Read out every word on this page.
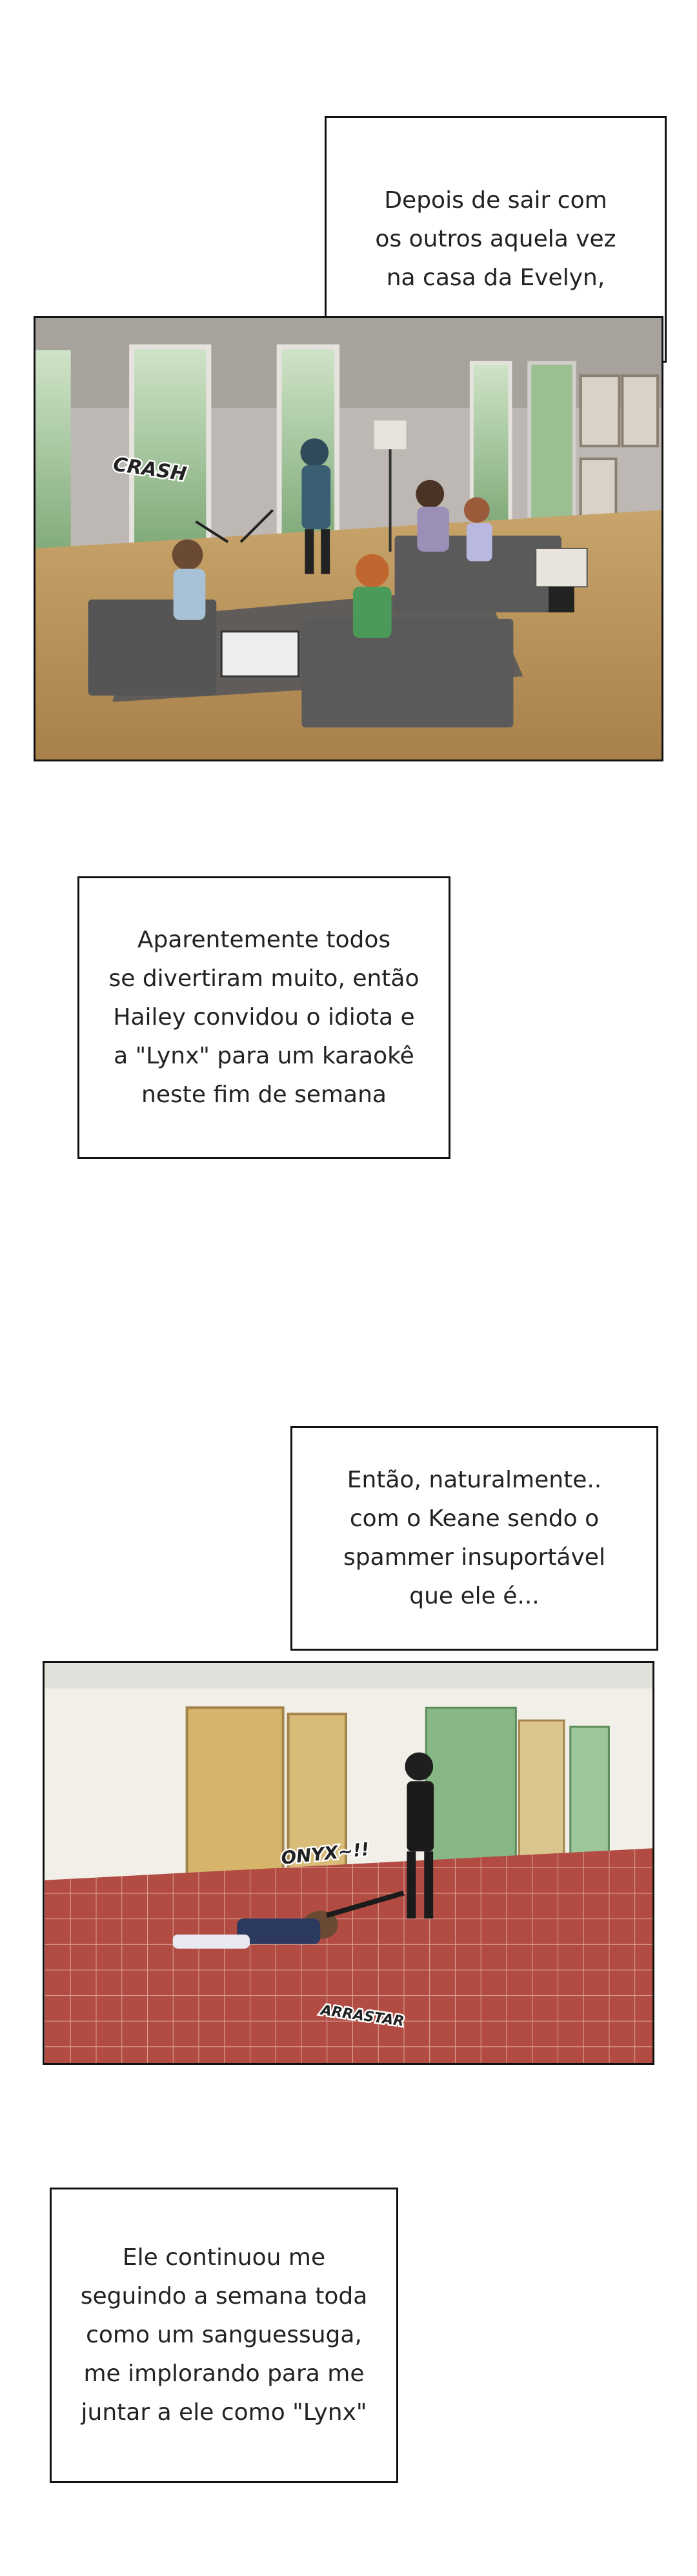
Depois de sair com
os outros aquela vez
na casa da Evelyn,

CRASH

Aparentemente todos
se divertiram muito, então
Hailey convidou o idiota e
a "Lynx" para um karaokê
neste fim de semana

Então, naturalmente..
com o Keane sendo o
spammer insuportável
que ele é...

ONYX~!!
ARRASTAR

Ele continuou me
seguindo a semana toda
como um sanguessuga,
me implorando para me
juntar a ele como "Lynx"
